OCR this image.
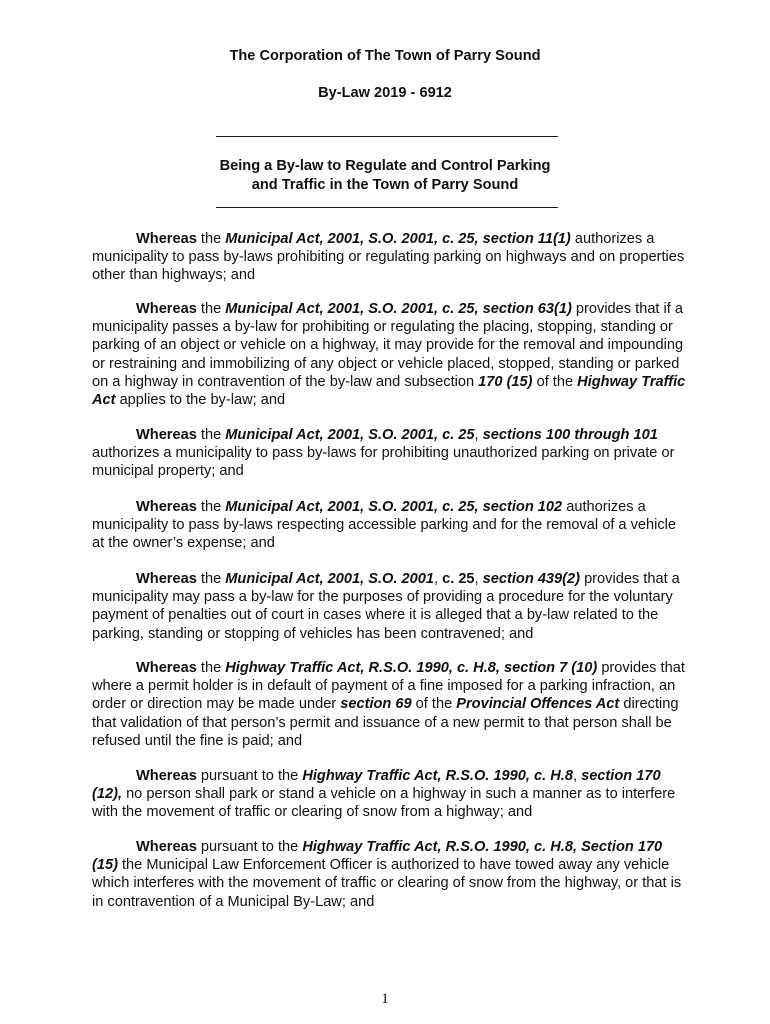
The Corporation of The Town of Parry Sound
By-Law 2019 - 6912
Being a By-law to Regulate and Control Parking
and Traffic in the Town of Parry Sound
Whereas the Municipal Act, 2001, S.O. 2001, c. 25, section 11(1) authorizes a municipality to pass by-laws prohibiting or regulating parking on highways and on properties other than highways; and
Whereas the Municipal Act, 2001, S.O. 2001, c. 25, section 63(1) provides that if a municipality passes a by-law for prohibiting or regulating the placing, stopping, standing or parking of an object or vehicle on a highway, it may provide for the removal and impounding or restraining and immobilizing of any object or vehicle placed, stopped, standing or parked on a highway in contravention of the by-law and subsection 170 (15) of the Highway Traffic Act applies to the by-law; and
Whereas the Municipal Act, 2001, S.O. 2001, c. 25, sections 100 through 101 authorizes a municipality to pass by-laws for prohibiting unauthorized parking on private or municipal property; and
Whereas the Municipal Act, 2001, S.O. 2001, c. 25, section 102 authorizes a municipality to pass by-laws respecting accessible parking and for the removal of a vehicle at the owner’s expense; and
Whereas the Municipal Act, 2001, S.O. 2001, c. 25, section 439(2) provides that a municipality may pass a by-law for the purposes of providing a procedure for the voluntary payment of penalties out of court in cases where it is alleged that a by-law related to the parking, standing or stopping of vehicles has been contravened; and
Whereas the Highway Traffic Act, R.S.O. 1990, c. H.8, section 7 (10) provides that where a permit holder is in default of payment of a fine imposed for a parking infraction, an order or direction may be made under section 69 of the Provincial Offences Act directing that validation of that person’s permit and issuance of a new permit to that person shall be refused until the fine is paid; and
Whereas pursuant to the Highway Traffic Act, R.S.O. 1990, c. H.8, section 170 (12), no person shall park or stand a vehicle on a highway in such a manner as to interfere with the movement of traffic or clearing of snow from a highway; and
Whereas pursuant to the Highway Traffic Act, R.S.O. 1990, c. H.8, Section 170 (15) the Municipal Law Enforcement Officer is authorized to have towed away any vehicle which interferes with the movement of traffic or clearing of snow from the highway, or that is in contravention of a Municipal By-Law; and
1
